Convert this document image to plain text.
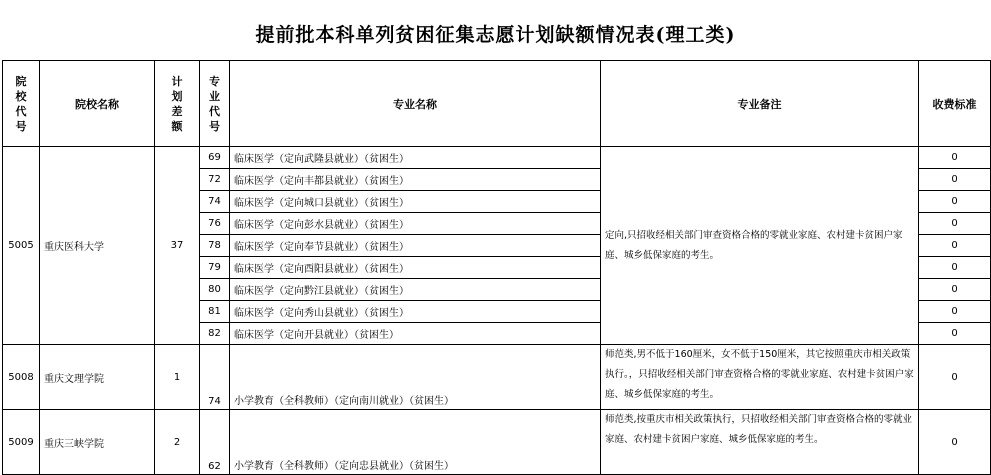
提前批本科单列贫困征集志愿计划缺额情况表(理工类)
院
校
代
号	院校名称	计
划
差
额	专
业
代
号	专业名称	专业备注	收费标准
5005	重庆医科大学	37	69	临床医学（定向武隆县就业）（贫困生）	定向,只招收经相关部门审查资格合格的零就业家庭、农村建卡贫困户家庭、城乡低保家庭的考生。	0
			72	临床医学（定向丰都县就业）（贫困生）		0
			74	临床医学（定向城口县就业）（贫困生）		0
			76	临床医学（定向彭水县就业）（贫困生）		0
			78	临床医学（定向奉节县就业）（贫困生）		0
			79	临床医学（定向酉阳县就业）（贫困生）		0
			80	临床医学（定向黔江县就业）（贫困生）		0
			81	临床医学（定向秀山县就业）（贫困生）		0
			82	临床医学（定向开县就业）（贫困生）		0
5008	重庆文理学院	1	74	小学教育（全科教师）（定向南川就业）（贫困生）	师范类,男不低于160厘米，女不低于150厘米，其它按照重庆市相关政策执行。，只招收经相关部门审查资格合格的零就业家庭、农村建卡贫困户家庭、城乡低保家庭的考生。	0
5009	重庆三峡学院	2	62	小学教育（全科教师）（定向忠县就业）（贫困生）	师范类,按重庆市相关政策执行，只招收经相关部门审查资格合格的零就业家庭、农村建卡贫困户家庭、城乡低保家庭的考生。	0
